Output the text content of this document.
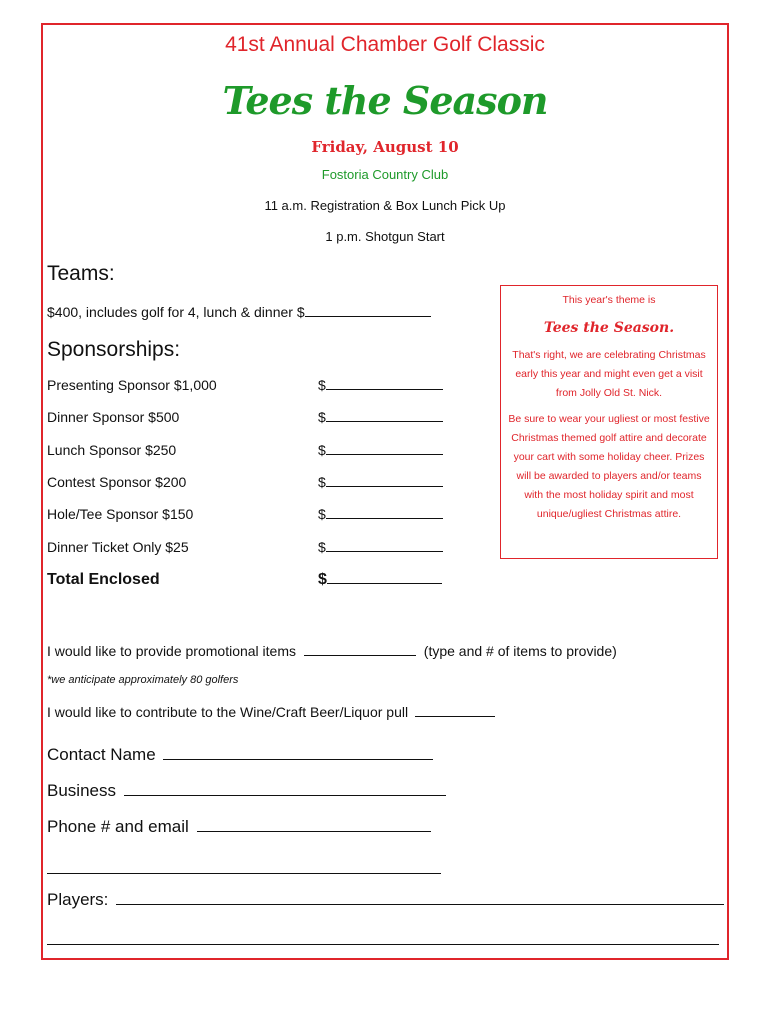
41st Annual Chamber Golf Classic
Tees the Season
Friday, August 10
Fostoria Country Club
11 a.m. Registration & Box Lunch Pick Up
1 p.m. Shotgun Start
Teams:
$400, includes golf for 4, lunch & dinner $
Sponsorships:
Presenting Sponsor $1,000	$
Dinner Sponsor $500	$
Lunch Sponsor $250	$
Contest Sponsor $200	$
Hole/Tee Sponsor $150	$
Dinner Ticket Only $25	$
Total Enclosed	$
This year's theme is
Tees the Season.
That's right, we are celebrating Christmas early this year and might even get a visit from Jolly Old St. Nick.
Be sure to wear your ugliest or most festive Christmas themed golf attire and decorate your cart with some holiday cheer. Prizes will be awarded to players and/or teams with the most holiday spirit and most unique/ugliest Christmas attire.
I would like to provide promotional items	(type and # of items to provide)
*we anticipate approximately 80 golfers
I would like to contribute to the Wine/Craft Beer/Liquor pull
Contact Name
Business
Phone # and email
Players:
